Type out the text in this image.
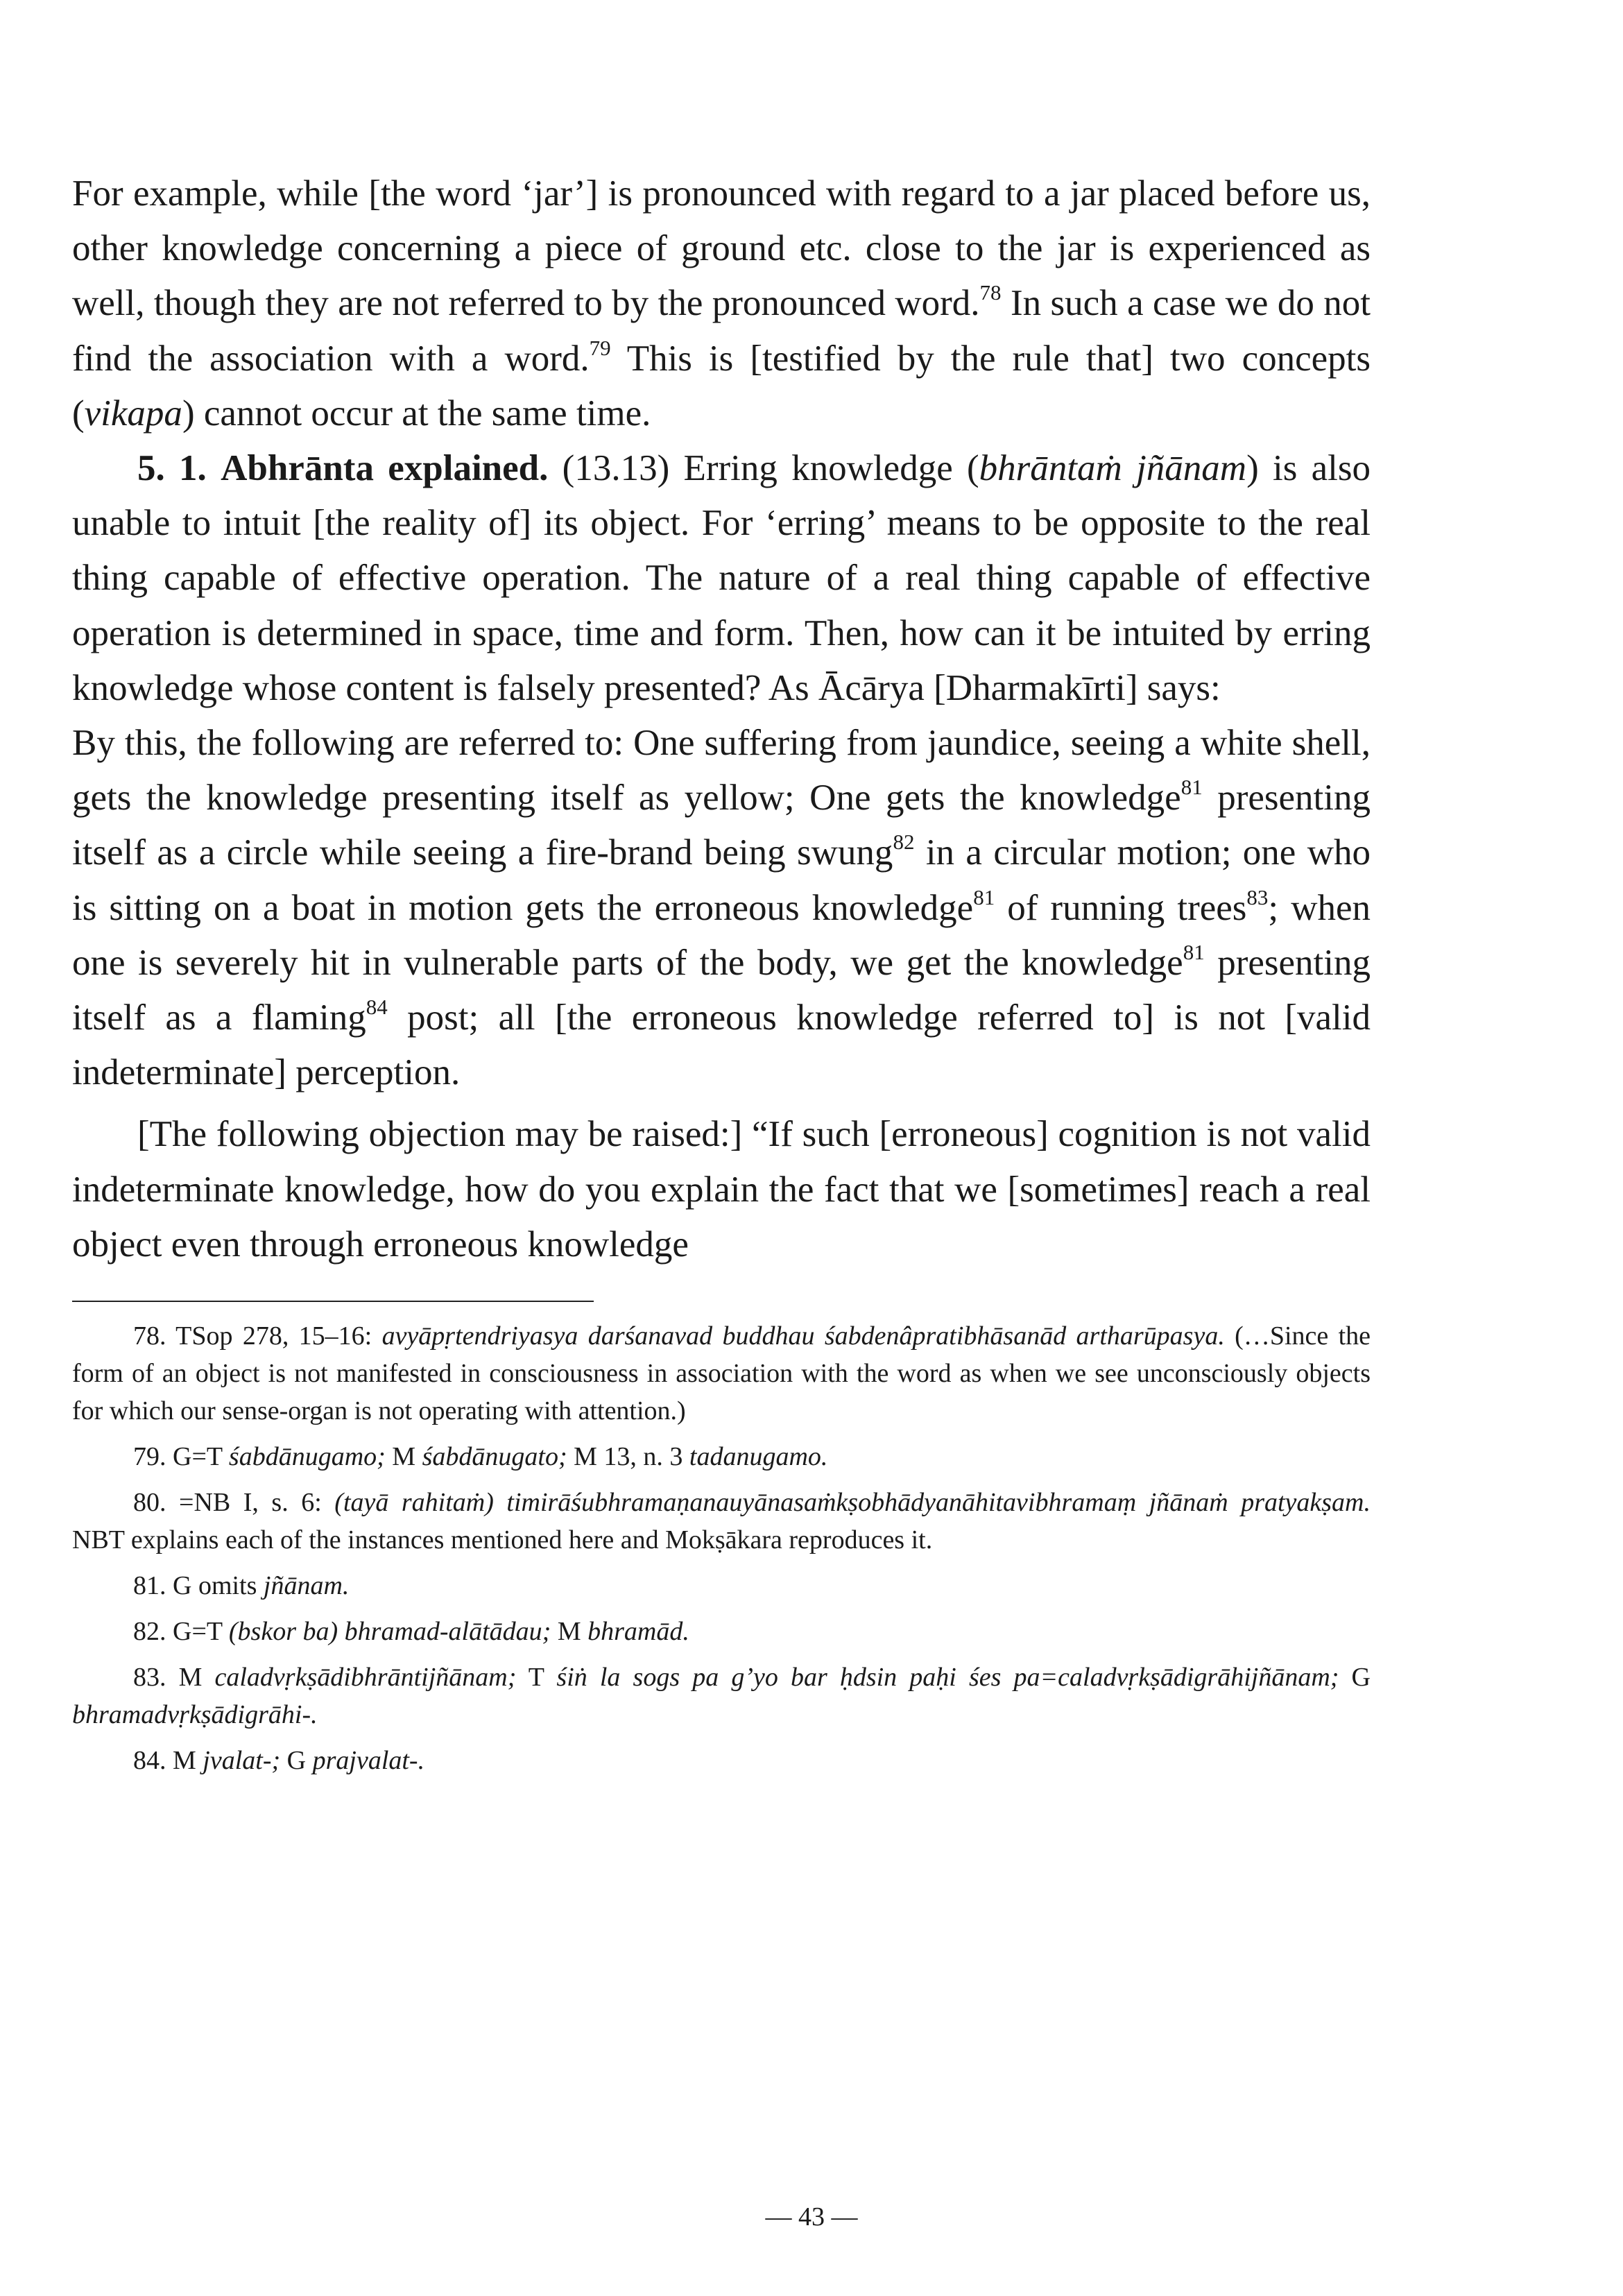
For example, while [the word ‘jar’] is pronounced with regard to a jar placed before us, other knowledge concerning a piece of ground etc. close to the jar is experienced as well, though they are not referred to by the pronounced word.$^{78}$ In such a case we do not find the association with a word.$^{79}$ This is [testified by the rule that] two concepts (vikapa) cannot occur at the same time.

5. 1. Abhrānta explained. (13.13) Erring knowledge (bhrāntaṁ jñānam) is also unable to intuit [the reality of] its object. For ‘erring’ means to be opposite to the real thing capable of effective operation. The nature of a real thing capable of effective operation is determined in space, time and form. Then, how can it be intuited by erring knowledge whose content is falsely presented? As Ācārya [Dharmakīrti] says:

By this, the following are referred to: One suffering from jaundice, seeing a white shell, gets the knowledge presenting itself as yellow; One gets the knowledge$^{81}$ presenting itself as a circle while seeing a fire-brand being swung$^{82}$ in a circular motion; one who is sitting on a boat in motion gets the erroneous knowledge$^{81}$ of running trees$^{83}$; when one is severely hit in vulnerable parts of the body, we get the knowledge$^{81}$ presenting itself as a flaming$^{84}$ post; all [the erroneous knowledge referred to] is not [valid indeterminate] perception.

[The following objection may be raised:] “If such [erroneous] cognition is not valid indeterminate knowledge, how do you explain the fact that we [sometimes] reach a real object even through erroneous knowledge

78. TSop 278, 15–16: avyāpṛtendriyasya darśanavad buddhau śabdenâpratibhāsanād artharūpasya. (…Since the form of an object is not manifested in consciousness in association with the word as when we see unconsciously objects for which our sense-organ is not operating with attention.)

79. G=T śabdānugamo; M śabdānugato; M 13, n. 3 tadanugamo.

80. =NB I, s. 6: (tayā rahitaṁ) timirāśubhramaṇanauyānasaṁkṣobhādyanāhitavibhramaṃ jñānaṁ pratyakṣam. NBT explains each of the instances mentioned here and Mokṣākara reproduces it.

81. G omits jñānam.

82. G=T (bskor ba) bhramad-alātādau; M bhramād.

83. M caladvṛkṣādibhrāntijñānam; T śiṅ la sogs pa g’yo bar ḥdsin paḥi śes pa=caladvṛkṣādigrāhijñānam; G bhramadvṛkṣādigrāhi-.

84. M jvalat-; G prajvalat-.

— 43 —
